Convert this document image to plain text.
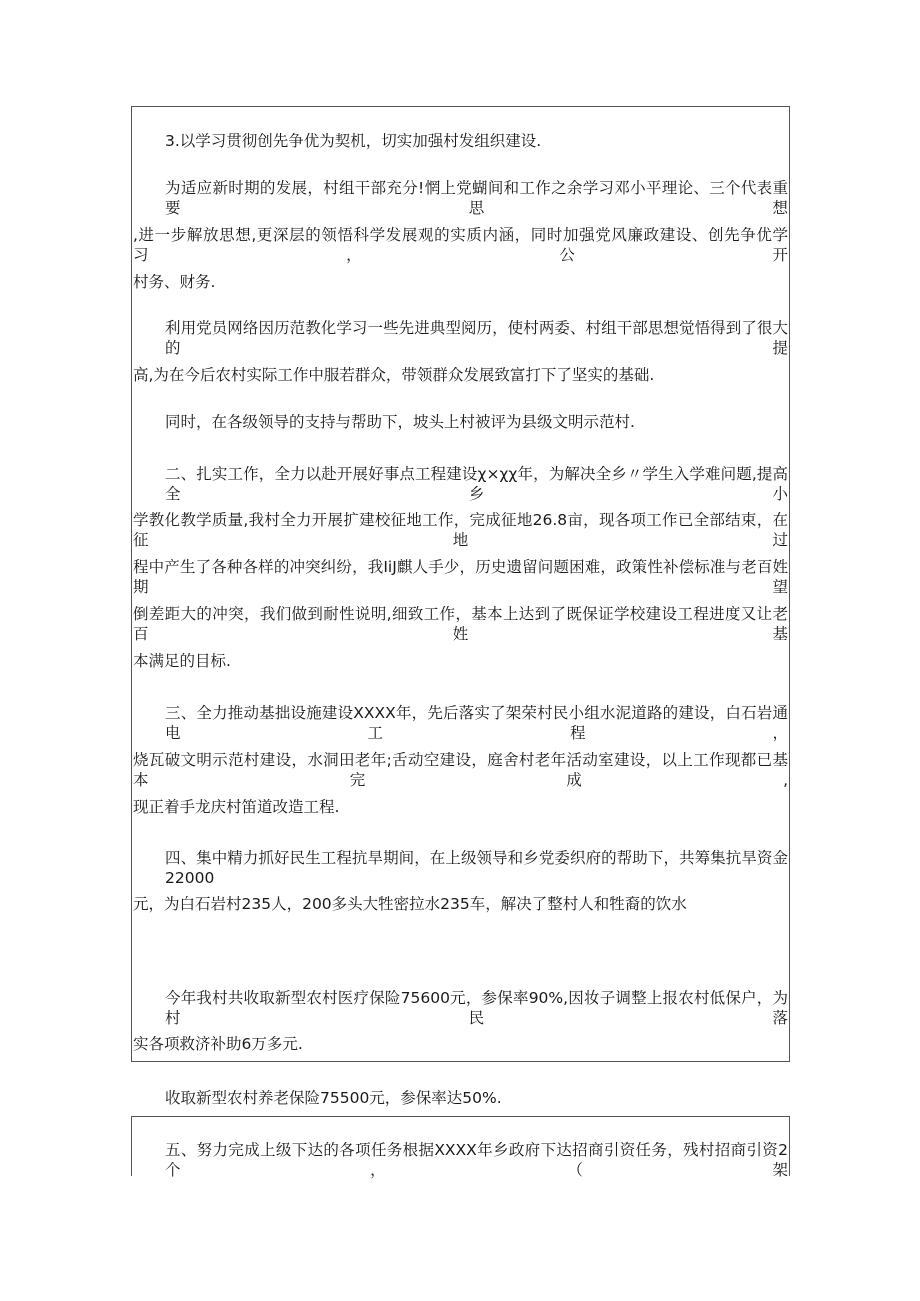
3.以学习贯彻创先争优为契机，切实加强村发组织建设.
为适应新时期的发展，村组干部充分!惘上党蝴间和工作之余学习邓小平理论、三个代表重要思想
,进一步解放思想,更深层的领悟科学发展观的实质内涵，同时加强党风廉政建设、创先争优学习，公开
村务、财务.
利用党员网络因历范教化学习一些先进典型阅历，使村两委、村组干部思想觉悟得到了很大的提
高,为在今后农村实际工作中服若群众，带领群众发展致富打下了坚实的基础.
同时，在各级领导的支持与帮助下，坡头上村被评为县级文明示范村.
二、扎实工作，全力以赴开展好事点工程建设χ×χχ年，为解决全乡〃学生入学难问题,提高全乡小
学教化教学质量,我村全力开展扩建校征地工作，完成征地26.8亩，现各项工作已全部结束，在征地过
程中产生了各种各样的冲突纠纷，我IiJ麒人手少，历史遗留问题困难，政策性补偿标准与老百姓期望
倒差距大的冲突，我们做到耐性说明,细致工作，基本上达到了既保证学校建设工程进度又让老百姓基
本满足的目标.
三、全力推动基拙设施建设XXXX年，先后落实了架荣村民小组水泥道路的建设，白石岩通电工程，
烧瓦破文明示范村建设，水洞田老年;舌动空建设，庭舍村老年活动室建设，以上工作现都已基本完成,
现正着手龙庆村笛道改造工程.
四、集中精力抓好民生工程抗旱期间，在上级领导和乡党委织府的帮助下，共筹集抗旱资金22000
元，为白石岩村235人，200多头大牲密拉水235车，解决了整村人和牲裔的饮水
今年我村共收取新型农村医疗保险75600元，参保率90%,因妆子调整上报农村低保户，为村民落
实各项救济补助6万多元.
收取新型农村养老保险75500元，参保率达50%.
五、努力完成上级下达的各项任务根据XXXX年乡政府下达招商引资任务，残村招商引资2个，（架
